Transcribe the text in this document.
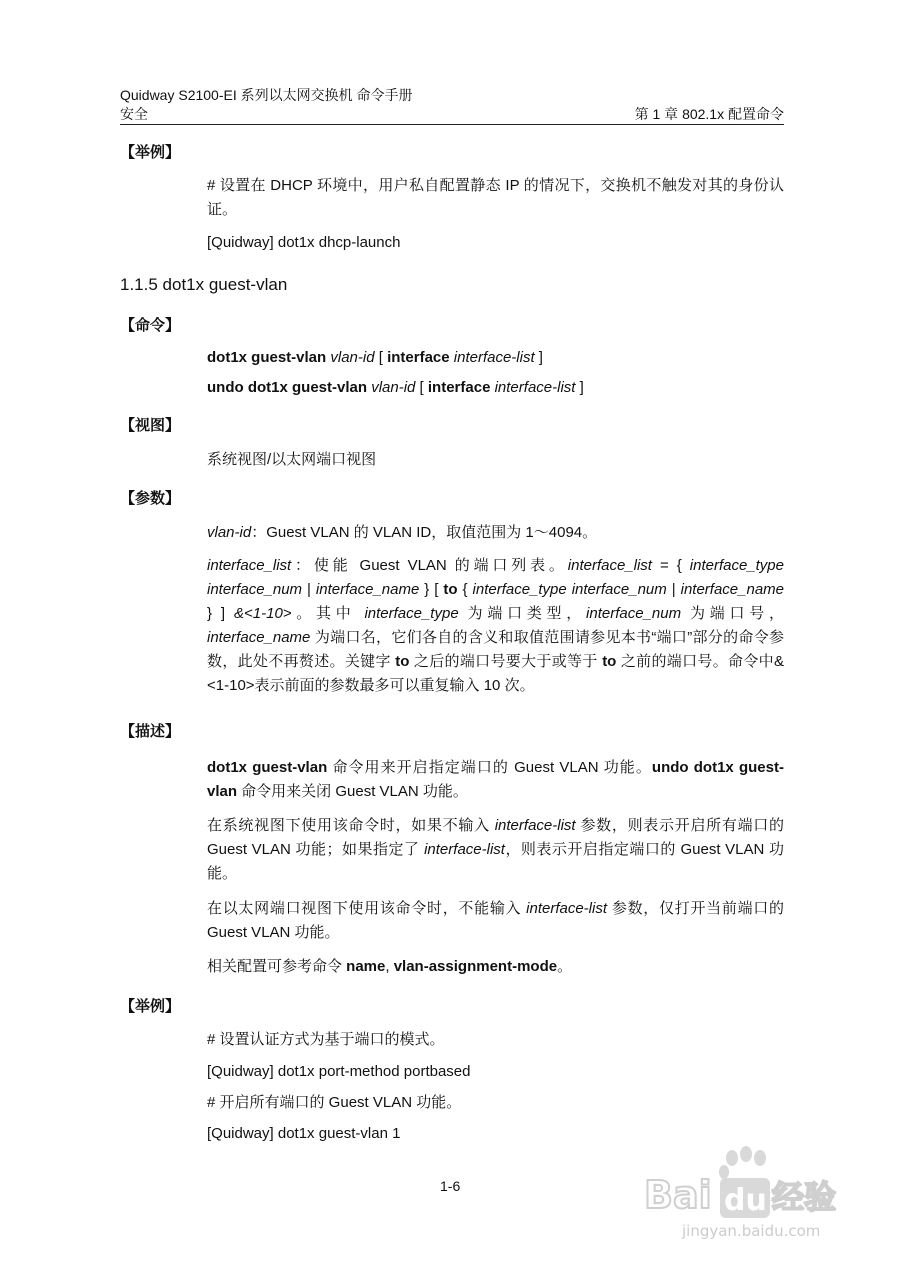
Quidway S2100-EI 系列以太网交换机 命令手册
安全	第 1 章 802.1x 配置命令
【举例】
# 设置在 DHCP 环境中，用户私自配置静态 IP 的情况下，交换机不触发对其的身份认证。
[Quidway] dot1x dhcp-launch
1.1.5 dot1x guest-vlan
【命令】
dot1x guest-vlan vlan-id [ interface interface-list ]
undo dot1x guest-vlan vlan-id [ interface interface-list ]
【视图】
系统视图/以太网端口视图
【参数】
vlan-id：Guest VLAN 的 VLAN ID，取值范围为 1～4094。
interface_list：使能 Guest VLAN 的端口列表。interface_list = { interface_type interface_num | interface_name } [ to { interface_type interface_num | interface_name } ] &<1-10>。其中 interface_type 为端口类型，interface_num 为端口号，interface_name 为端口名，它们各自的含义和取值范围请参见本书“端口”部分的命令参数，此处不再赘述。关键字 to 之后的端口号要大于或等于 to 之前的端口号。命令中&<1-10>表示前面的参数最多可以重复输入 10 次。
【描述】
dot1x guest-vlan 命令用来开启指定端口的 Guest VLAN 功能。undo dot1x guest-vlan 命令用来关闭 Guest VLAN 功能。
在系统视图下使用该命令时，如果不输入 interface-list 参数，则表示开启所有端口的 Guest VLAN 功能；如果指定了 interface-list，则表示开启指定端口的 Guest VLAN 功能。
在以太网端口视图下使用该命令时，不能输入 interface-list 参数，仅打开当前端口的 Guest VLAN 功能。
相关配置可参考命令 name, vlan-assignment-mode。
【举例】
# 设置认证方式为基于端口的模式。
[Quidway] dot1x port-method portbased
# 开启所有端口的 Guest VLAN 功能。
[Quidway] dot1x guest-vlan 1
1-6	Bai du 经验
jingyan.baidu.com
